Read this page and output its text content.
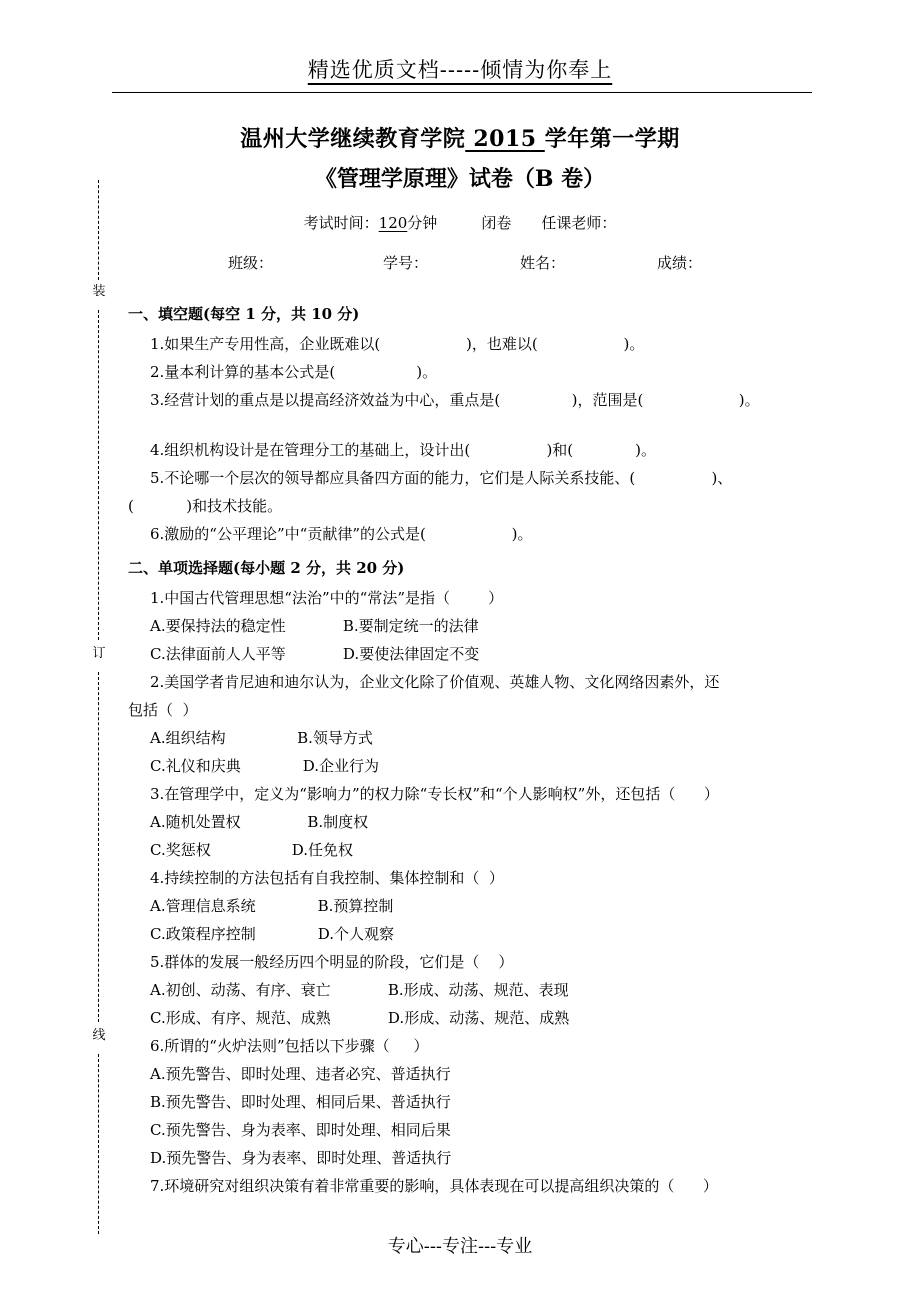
精选优质文档-----倾情为你奉上
装
订
线
温州大学继续教育学院 2015 学年第一学期
《管理学原理》试卷（B 卷）
考试时间：120分钟	闭卷 任课老师：
班级：	学号：	姓名：	成绩：
一、填空题(每空 1 分，共 10 分)
1.如果生产专用性高，企业既难以(                  )，也难以(                  )。
2.量本利计算的基本公式是(                 )。
3.经营计划的重点是以提高经济效益为中心，重点是(               )，范围是(                    )。
4.组织机构设计是在管理分工的基础上，设计出(                )和(             )。
5.不论哪一个层次的领导都应具备四方面的能力，它们是人际关系技能、(                )、
(           )和技术技能。
6.激励的“公平理论”中“贡献律”的公式是(                  )。
二、单项选择题(每小题 2 分，共 20 分)
1.中国古代管理思想“法治”中的“常法”是指（        ）
A.要保持法的稳定性            B.要制定统一的法律
C.法律面前人人平等            D.要使法律固定不变
2.美国学者肯尼迪和迪尔认为，企业文化除了价值观、英雄人物、文化网络因素外，还
包括（  ）
A.组织结构               B.领导方式
C.礼仪和庆典             D.企业行为
3.在管理学中，定义为“影响力”的权力除“专长权”和“个人影响权”外，还包括（      ）
A.随机处置权              B.制度权
C.奖惩权                 D.任免权
4.持续控制的方法包括有自我控制、集体控制和（  ）
A.管理信息系统             B.预算控制
C.政策程序控制             D.个人观察
5.群体的发展一般经历四个明显的阶段，它们是（    ）
A.初创、动荡、有序、衰亡            B.形成、动荡、规范、表现
C.形成、有序、规范、成熟            D.形成、动荡、规范、成熟
6.所谓的“火炉法则”包括以下步骤（     ）
A.预先警告、即时处理、违者必究、普适执行
B.预先警告、即时处理、相同后果、普适执行
C.预先警告、身为表率、即时处理、相同后果
D.预先警告、身为表率、即时处理、普适执行
7.环境研究对组织决策有着非常重要的影响，具体表现在可以提高组织决策的（      ）
专心---专注---专业
